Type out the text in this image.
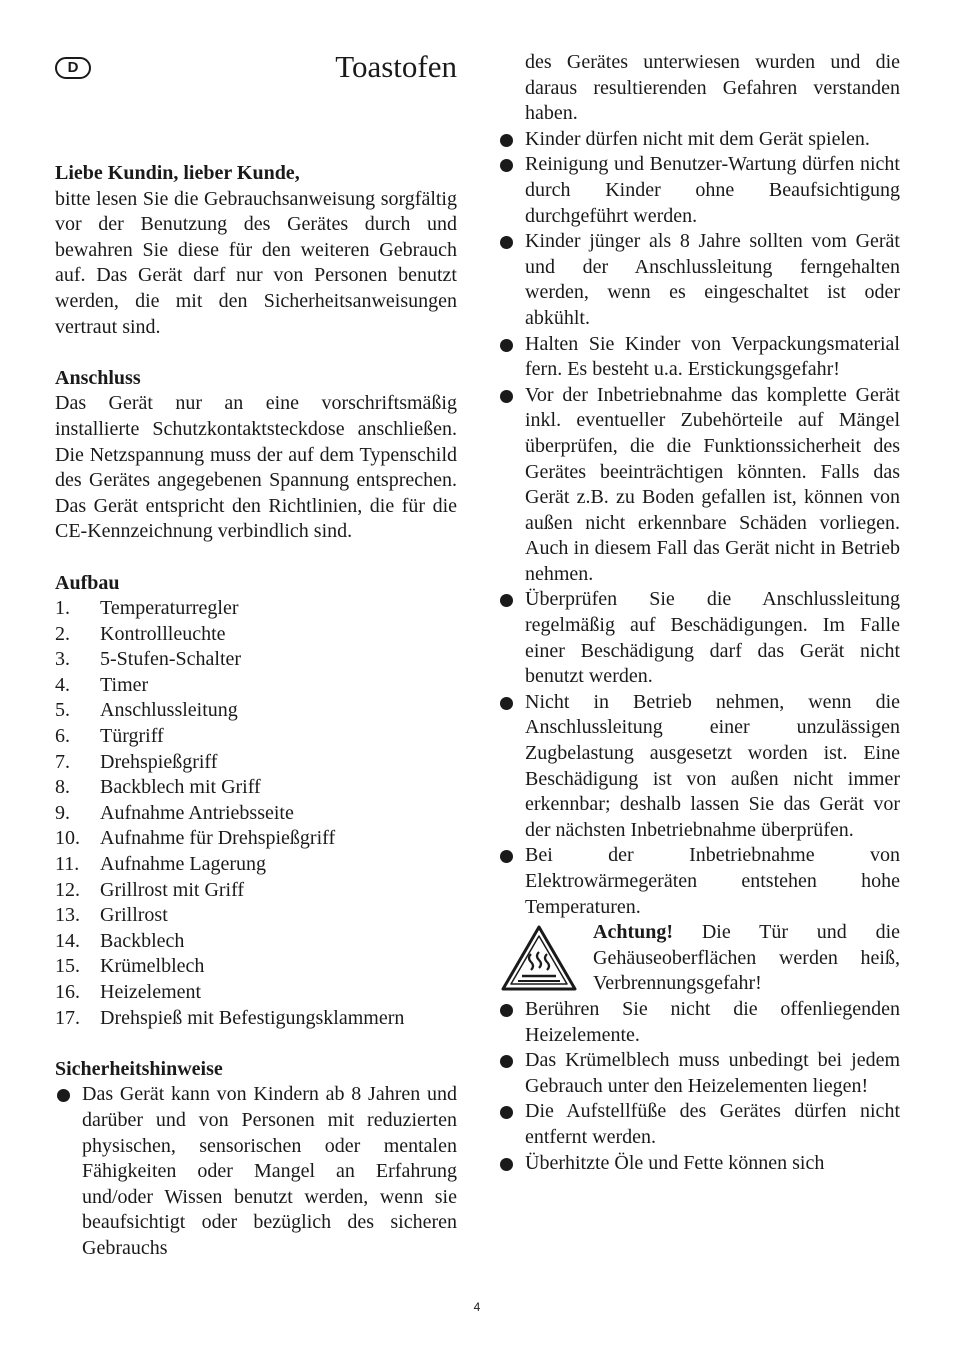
D	Toastofen
Liebe Kundin, lieber Kunde,

bitte lesen Sie die Gebrauchsanweisung sorgfältig vor der Benutzung des Gerätes durch und bewahren Sie diese für den weiteren Gebrauch auf. Das Gerät darf nur von Personen benutzt werden, die mit den Sicherheitsanweisungen vertraut sind.

Anschluss

Das Gerät nur an eine vorschriftsmäßig installierte Schutzkontaktsteckdose anschließen. Die Netzspannung muss der auf dem Typenschild des Gerätes angegebenen Spannung entsprechen. Das Gerät entspricht den Richtlinien, die für die CE-Kennzeichnung verbindlich sind.

Aufbau
1. Temperaturregler
2. Kontrollleuchte
3. 5-Stufen-Schalter
4. Timer
5. Anschlussleitung
6. Türgriff
7. Drehspießgriff
8. Backblech mit Griff
9. Aufnahme Antriebsseite
10. Aufnahme für Drehspießgriff
11. Aufnahme Lagerung
12. Grillrost mit Griff
13. Grillrost
14. Backblech
15. Krümelblech
16. Heizelement
17. Drehspieß mit Befestigungsklammern
Sicherheitshinweise
Das Gerät kann von Kindern ab 8 Jahren und darüber und von Personen mit reduzierten physischen, sensorischen oder mentalen Fähigkeiten oder Mangel an Erfahrung und/oder Wissen benutzt werden, wenn sie beaufsichtigt oder bezüglich des sicheren Gebrauchs
des Gerätes unterwiesen wurden und die daraus resultierenden Gefahren verstanden haben.
Kinder dürfen nicht mit dem Gerät spielen.
Reinigung und Benutzer-Wartung dürfen nicht durch Kinder ohne Beaufsichtigung durchgeführt werden.
Kinder jünger als 8 Jahre sollten vom Gerät und der Anschlussleitung ferngehalten werden, wenn es eingeschaltet ist oder abkühlt.
Halten Sie Kinder von Verpackungsmaterial fern. Es besteht u.a. Erstickungsgefahr!
Vor der Inbetriebnahme das komplette Gerät inkl. eventueller Zubehörteile auf Mängel überprüfen, die die Funktionssicherheit des Gerätes beeinträchtigen könnten. Falls das Gerät z.B. zu Boden gefallen ist, können von außen nicht erkennbare Schäden vorliegen. Auch in diesem Fall das Gerät nicht in Betrieb nehmen.
Überprüfen Sie die Anschlussleitung regelmäßig auf Beschädigungen. Im Falle einer Beschädigung darf das Gerät nicht benutzt werden.
Nicht in Betrieb nehmen, wenn die Anschlussleitung einer unzulässigen Zugbelastung ausgesetzt worden ist. Eine Beschädigung ist von außen nicht immer erkennbar; deshalb lassen Sie das Gerät vor der nächsten Inbetriebnahme überprüfen.
Bei der Inbetriebnahme von Elektrowärmegeräten entstehen hohe Temperaturen.
Achtung! Die Tür und die Gehäuseoberflächen werden heiß, Verbrennungsgefahr!
Berühren Sie nicht die offenliegenden Heizelemente.
Das Krümelblech muss unbedingt bei jedem Gebrauch unter den Heizelementen liegen!
Die Aufstellfüße des Gerätes dürfen nicht entfernt werden.
Überhitzte Öle und Fette können sich
4
